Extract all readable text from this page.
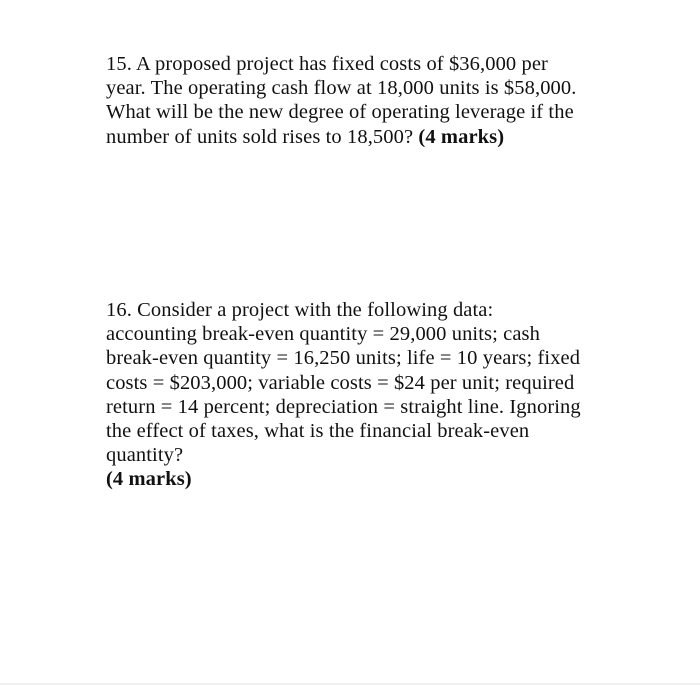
15. A proposed project has fixed costs of $36,000 per
year. The operating cash flow at 18,000 units is $58,000.
What will be the new degree of operating leverage if the
number of units sold rises to 18,500? (4 marks)
16. Consider a project with the following data:
accounting break-even quantity = 29,000 units; cash
break-even quantity = 16,250 units; life = 10 years; fixed
costs = $203,000; variable costs = $24 per unit; required
return = 14 percent; depreciation = straight line. Ignoring
the effect of taxes, what is the financial break-even
quantity?
(4 marks)
